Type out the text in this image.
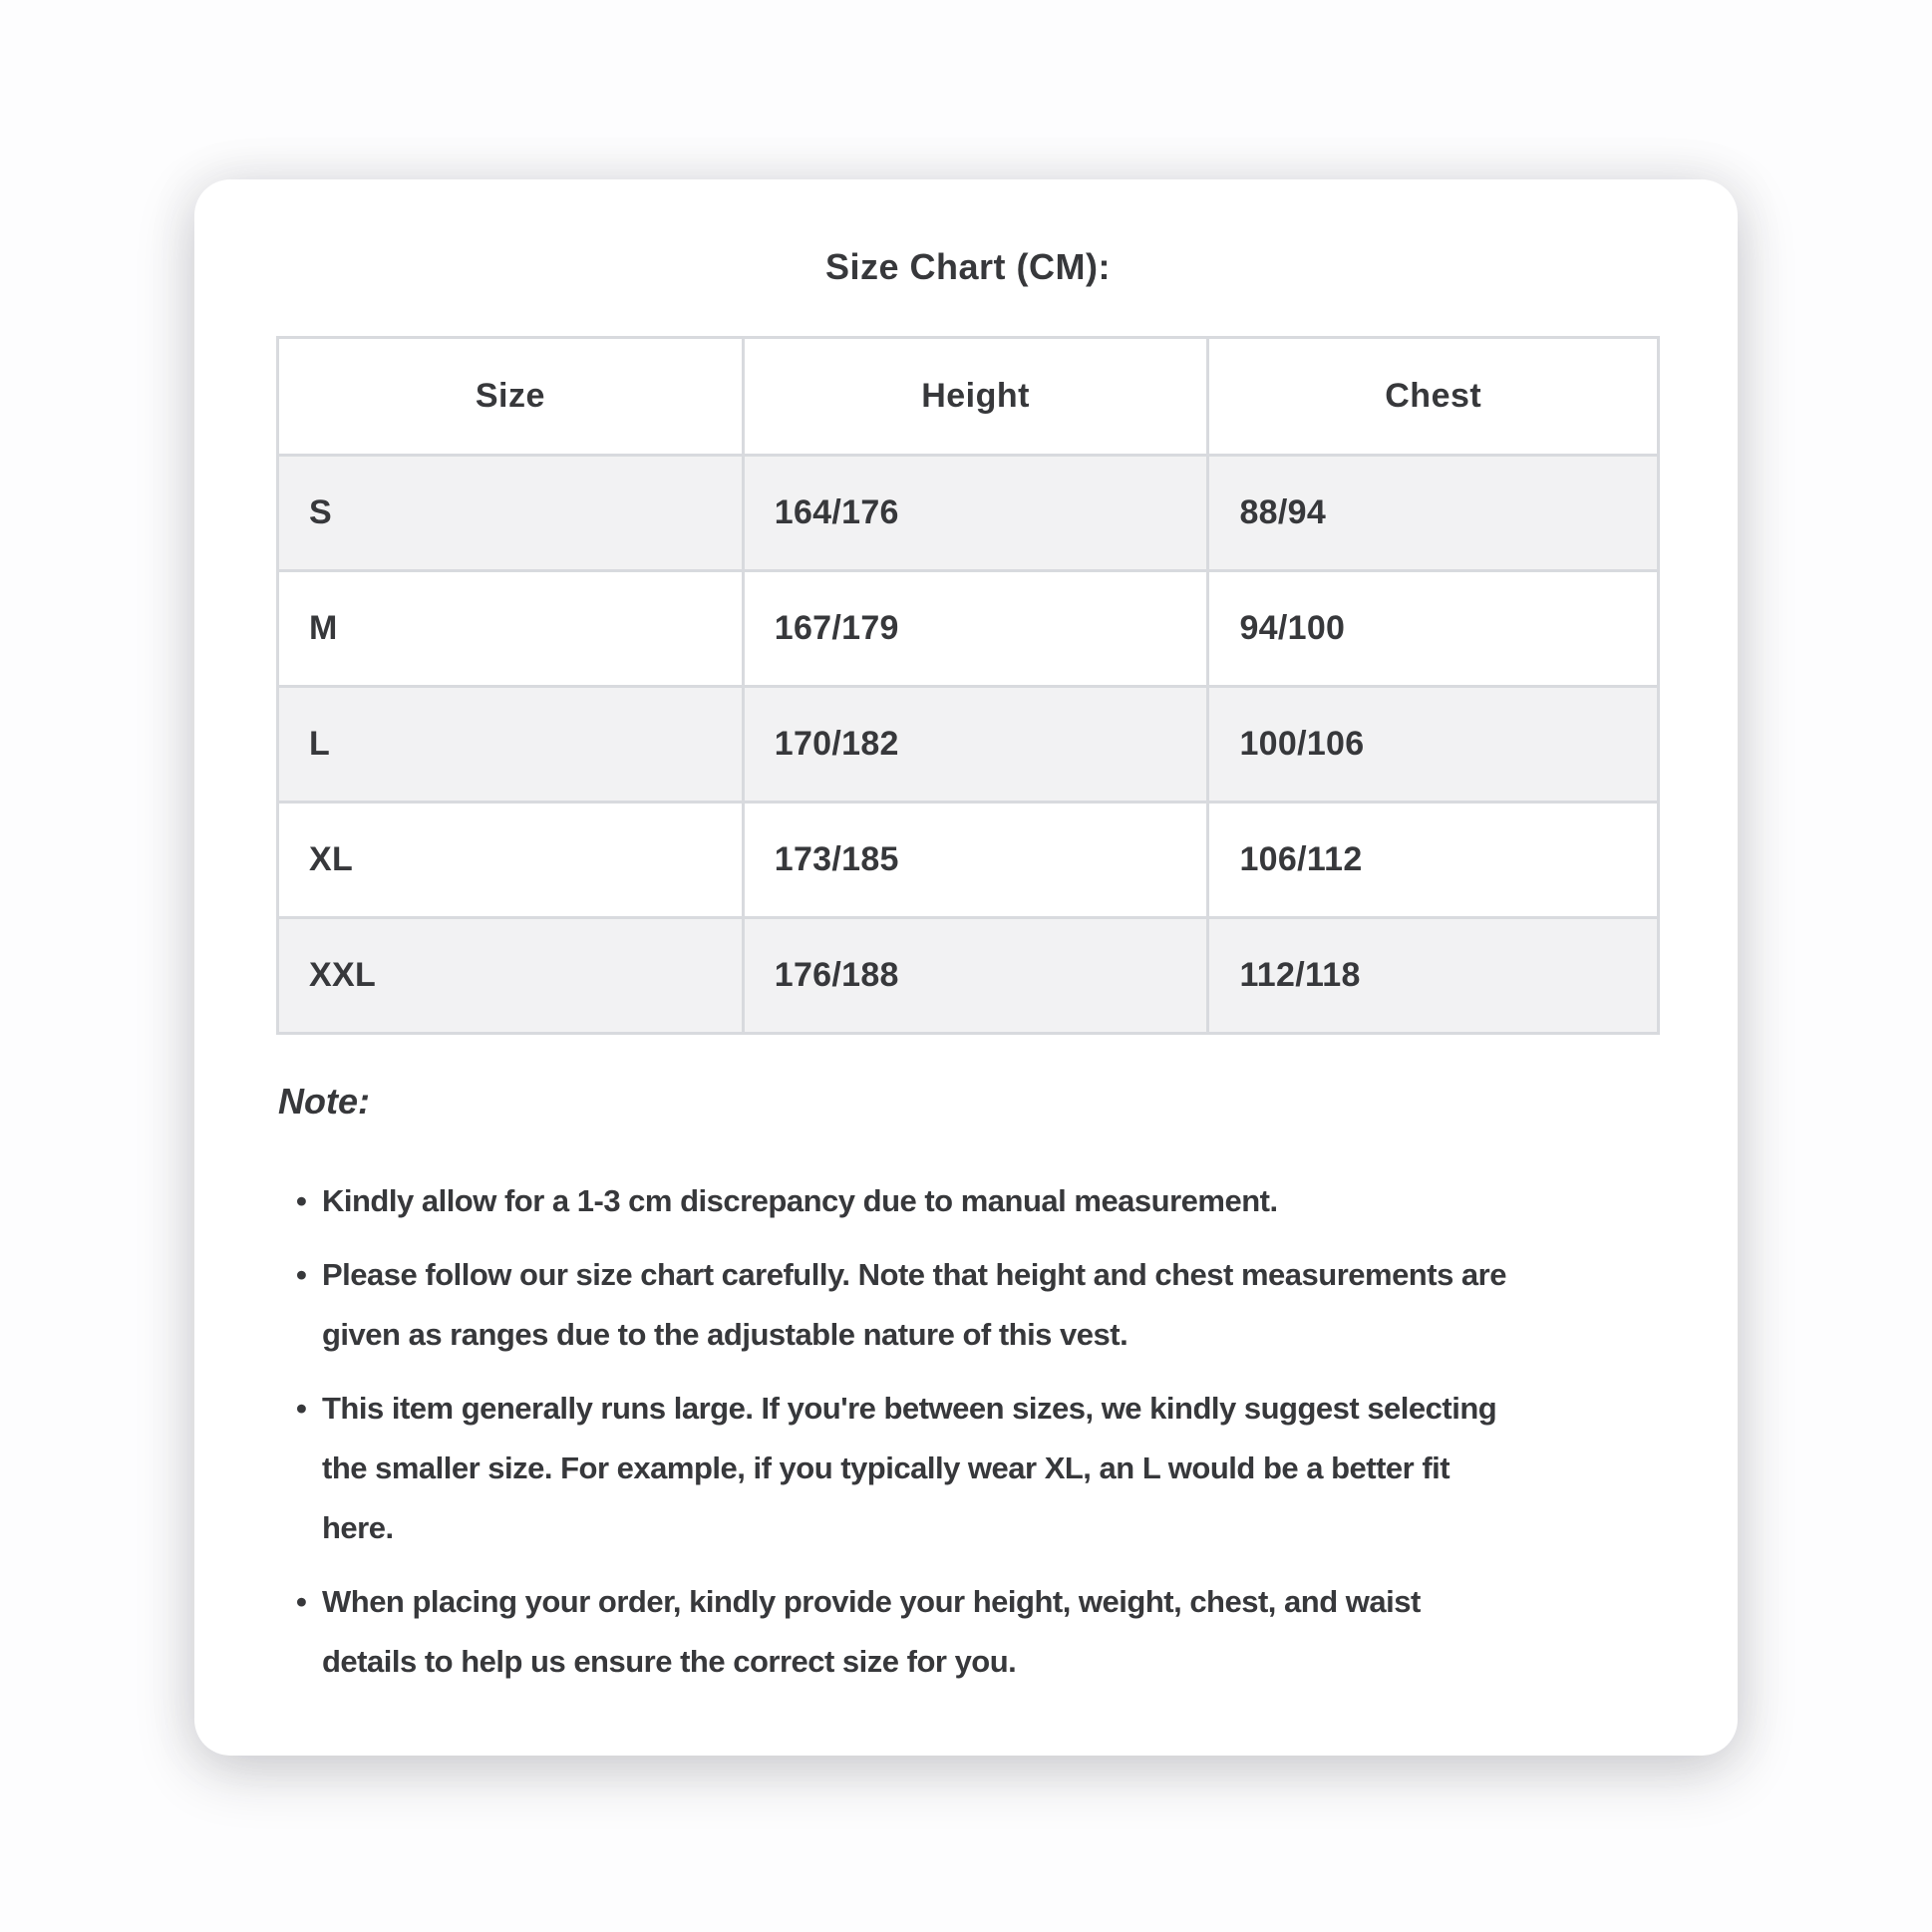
Size Chart (CM):
Size	Height	Chest
S	164/176	88/94
M	167/179	94/100
L	170/182	100/106
XL	173/185	106/112
XXL	176/188	112/118

Note:

• Kindly allow for a 1-3 cm discrepancy due to manual measurement.
• Please follow our size chart carefully. Note that height and chest measurements are
given as ranges due to the adjustable nature of this vest.
• This item generally runs large. If you're between sizes, we kindly suggest selecting
the smaller size. For example, if you typically wear XL, an L would be a better fit
here.
• When placing your order, kindly provide your height, weight, chest, and waist
details to help us ensure the correct size for you.
